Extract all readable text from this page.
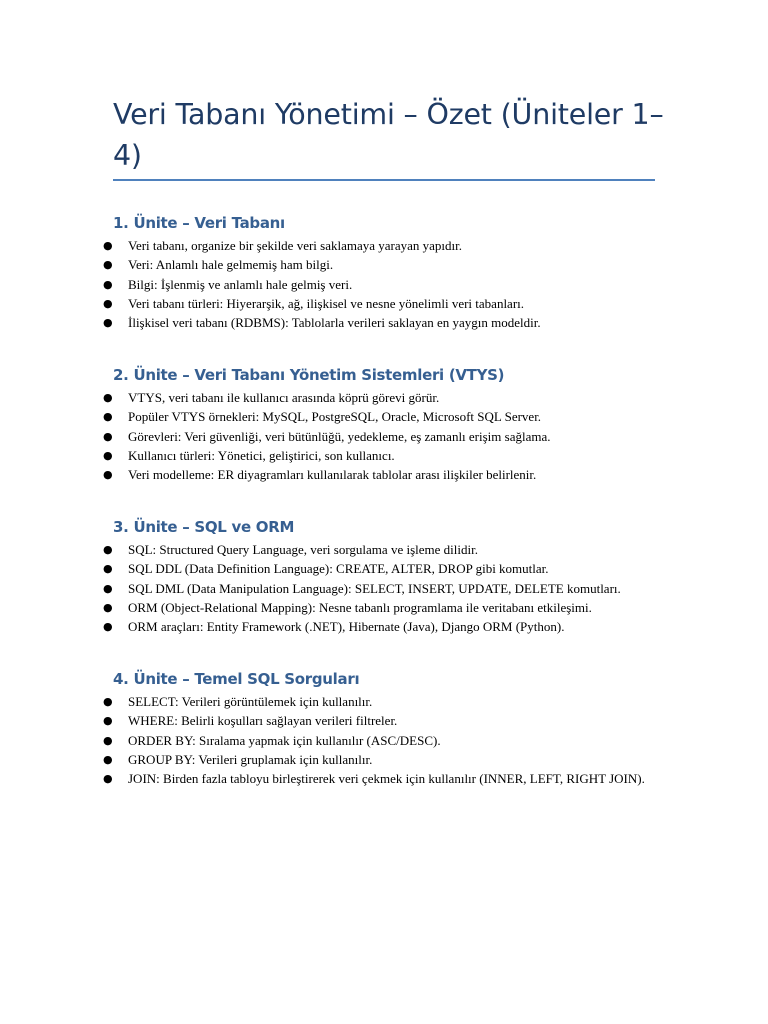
Veri Tabanı Yönetimi – Özet (Üniteler 1–4)
1. Ünite – Veri Tabanı
● Veri tabanı, organize bir şekilde veri saklamaya yarayan yapıdır.
● Veri: Anlamlı hale gelmemiş ham bilgi.
● Bilgi: İşlenmiş ve anlamlı hale gelmiş veri.
● Veri tabanı türleri: Hiyerarşik, ağ, ilişkisel ve nesne yönelimli veri tabanları.
● İlişkisel veri tabanı (RDBMS): Tablolarla verileri saklayan en yaygın modeldir.
2. Ünite – Veri Tabanı Yönetim Sistemleri (VTYS)
● VTYS, veri tabanı ile kullanıcı arasında köprü görevi görür.
● Popüler VTYS örnekleri: MySQL, PostgreSQL, Oracle, Microsoft SQL Server.
● Görevleri: Veri güvenliği, veri bütünlüğü, yedekleme, eş zamanlı erişim sağlama.
● Kullanıcı türleri: Yönetici, geliştirici, son kullanıcı.
● Veri modelleme: ER diyagramları kullanılarak tablolar arası ilişkiler belirlenir.
3. Ünite – SQL ve ORM
● SQL: Structured Query Language, veri sorgulama ve işleme dilidir.
● SQL DDL (Data Definition Language): CREATE, ALTER, DROP gibi komutlar.
● SQL DML (Data Manipulation Language): SELECT, INSERT, UPDATE, DELETE komutları.
● ORM (Object-Relational Mapping): Nesne tabanlı programlama ile veritabanı etkileşimi.
● ORM araçları: Entity Framework (.NET), Hibernate (Java), Django ORM (Python).
4. Ünite – Temel SQL Sorguları
● SELECT: Verileri görüntülemek için kullanılır.
● WHERE: Belirli koşulları sağlayan verileri filtreler.
● ORDER BY: Sıralama yapmak için kullanılır (ASC/DESC).
● GROUP BY: Verileri gruplamak için kullanılır.
● JOIN: Birden fazla tabloyu birleştirerek veri çekmek için kullanılır (INNER, LEFT, RIGHT JOIN).
